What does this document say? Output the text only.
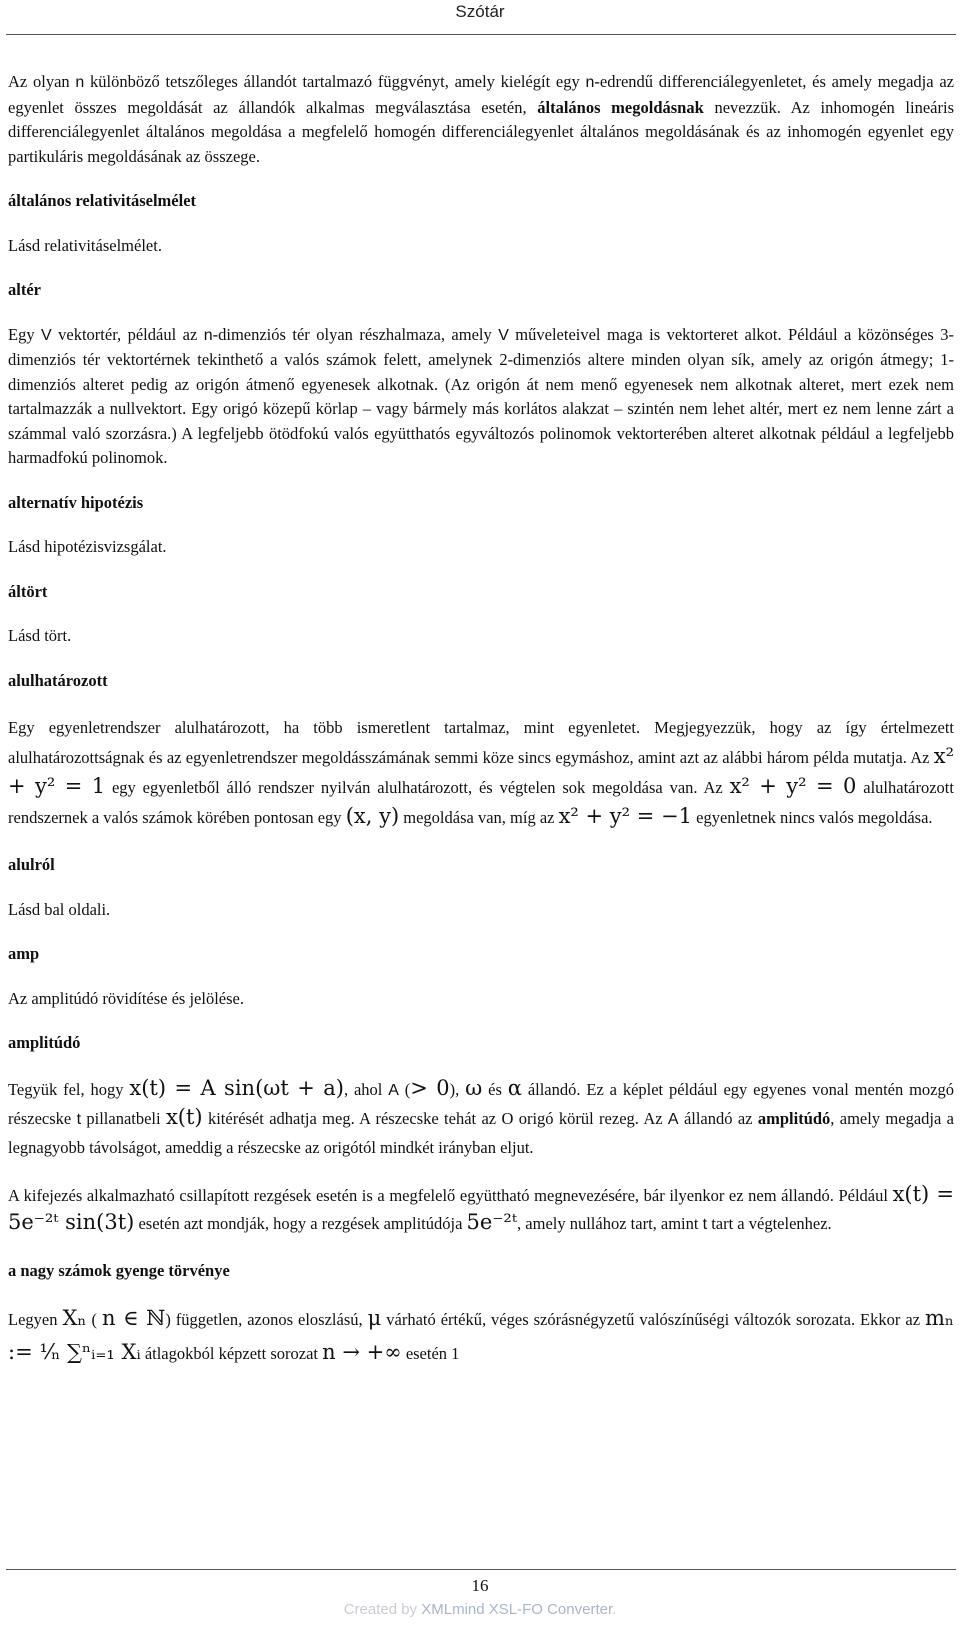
Szótár

Az olyan n különböző tetszőleges állandót tartalmazó függvényt, amely kielégít egy n-edrendű differenciálegyenletet, és amely megadja az egyenlet összes megoldását az állandók alkalmas megválasztása esetén, általános megoldásnak nevezzük. Az inhomogén lineáris differenciálegyenlet általános megoldása a megfelelő homogén differenciálegyenlet általános megoldásának és az inhomogén egyenlet egy partikuláris megoldásának az összege.

általános relativitáselmélet

Lásd relativitáselmélet.

altér

Egy V vektortér, például az n-dimenziós tér olyan részhalmaza, amely V műveleteivel maga is vektorteret alkot. Például a közönséges 3-dimenziós tér vektortérnek tekinthető a valós számok felett, amelynek 2-dimenziós altere minden olyan sík, amely az origón átmegy; 1-dimenziós alteret pedig az origón átmenő egyenesek alkotnak. (Az origón át nem menő egyenesek nem alkotnak alteret, mert ezek nem tartalmazzák a nullvektort. Egy origó közepű körlap – vagy bármely más korlátos alakzat – szintén nem lehet altér, mert ez nem lenne zárt a számmal való szorzásra.) A legfeljebb ötödfokú valós együtthatós egyváltozós polinomok vektorterében alteret alkotnak például a legfeljebb harmadfokú polinomok.

alternatív hipotézis

Lásd hipotézisvizsgálat.

áltört

Lásd tört.

alulhatározott

Egy egyenletrendszer alulhatározott, ha több ismeretlent tartalmaz, mint egyenletet. Megjegyezzük, hogy az így értelmezett alulhatározottságnak és az egyenletrendszer megoldásszámának semmi köze sincs egymáshoz, amint azt az alábbi három példa mutatja. Az x² + y² = 1 egy egyenletből álló rendszer nyilván alulhatározott, és végtelen sok megoldása van. Az x² + y² = 0 alulhatározott rendszernek a valós számok körében pontosan egy (x, y) megoldása van, míg az x² + y² = −1 egyenletnek nincs valós megoldása.

alulról

Lásd bal oldali.

amp

Az amplitúdó rövidítése és jelölése.

amplitúdó

Tegyük fel, hogy x(t) = A sin(ωt + a), ahol A (> 0), ω és α állandó. Ez a képlet például egy egyenes vonal mentén mozgó részecske t pillanatbeli x(t) kitérését adhatja meg. A részecske tehát az O origó körül rezeg. Az A állandó az amplitúdó, amely megadja a legnagyobb távolságot, ameddig a részecske az origótól mindkét irányban eljut.

A kifejezés alkalmazható csillapított rezgések esetén is a megfelelő együttható megnevezésére, bár ilyenkor ez nem állandó. Például x(t) = 5e⁻²ᵗ sin(3t) esetén azt mondják, hogy a rezgések amplitúdója 5e⁻²ᵗ, amely nullához tart, amint t tart a végtelenhez.

a nagy számok gyenge törvénye

Legyen Xₙ ( n ∈ ℕ) független, azonos eloszlású, μ várható értékű, véges szórásnégyzetű valószínűségi változók sorozata. Ekkor az mₙ := ¹⁄ₙ ∑ⁿᵢ₌₁ Xᵢ átlagokból képzett sorozat n → +∞ esetén 1

16
Created by XMLmind XSL-FO Converter.
